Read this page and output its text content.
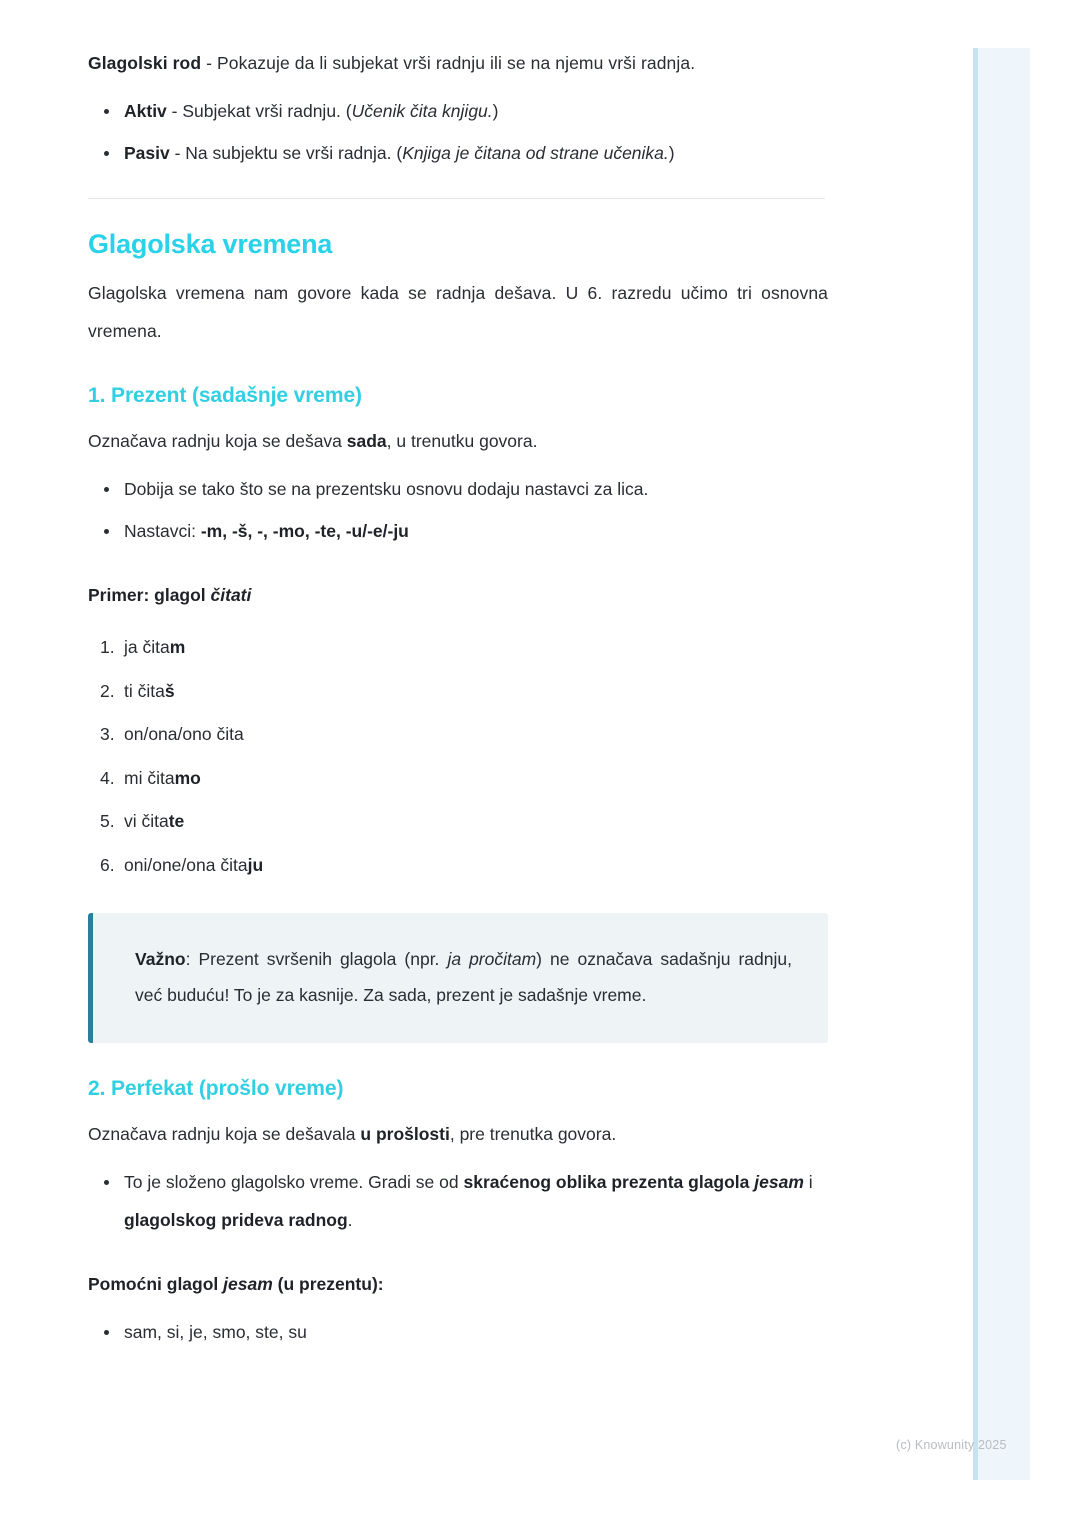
Glagolski rod - Pokazuje da li subjekat vrši radnju ili se na njemu vrši radnja.

Aktiv - Subjekat vrši radnju. (Učenik čita knjigu.)
Pasiv - Na subjektu se vrši radnja. (Knjiga je čitana od strane učenika.)
Glagolska vremena

Glagolska vremena nam govore kada se radnja dešava. U 6. razredu učimo tri osnovna vremena.

1. Prezent (sadašnje vreme)

Označava radnju koja se dešava sada, u trenutku govora.

Dobija se tako što se na prezentsku osnovu dodaju nastavci za lica.
Nastavci: -m, -š, -, -mo, -te, -u/-e/-ju

Primer: glagol čitati

ja čitam
ti čitaš
on/ona/ono čita
mi čitamo
vi čitate
oni/one/ona čitaju

Važno: Prezent svršenih glagola (npr. ja pročitam) ne označava sadašnju radnju, već buduću! To je za kasnije. Za sada, prezent je sadašnje vreme.

2. Perfekat (prošlo vreme)

Označava radnju koja se dešavala u prošlosti, pre trenutka govora.

To je složeno glagolsko vreme. Gradi se od skraćenog oblika prezenta glagola jesam i glagolskog prideva radnog.

Pomoćni glagol jesam (u prezentu):

sam, si, je, smo, ste, su
(c) Knowunity 2025
